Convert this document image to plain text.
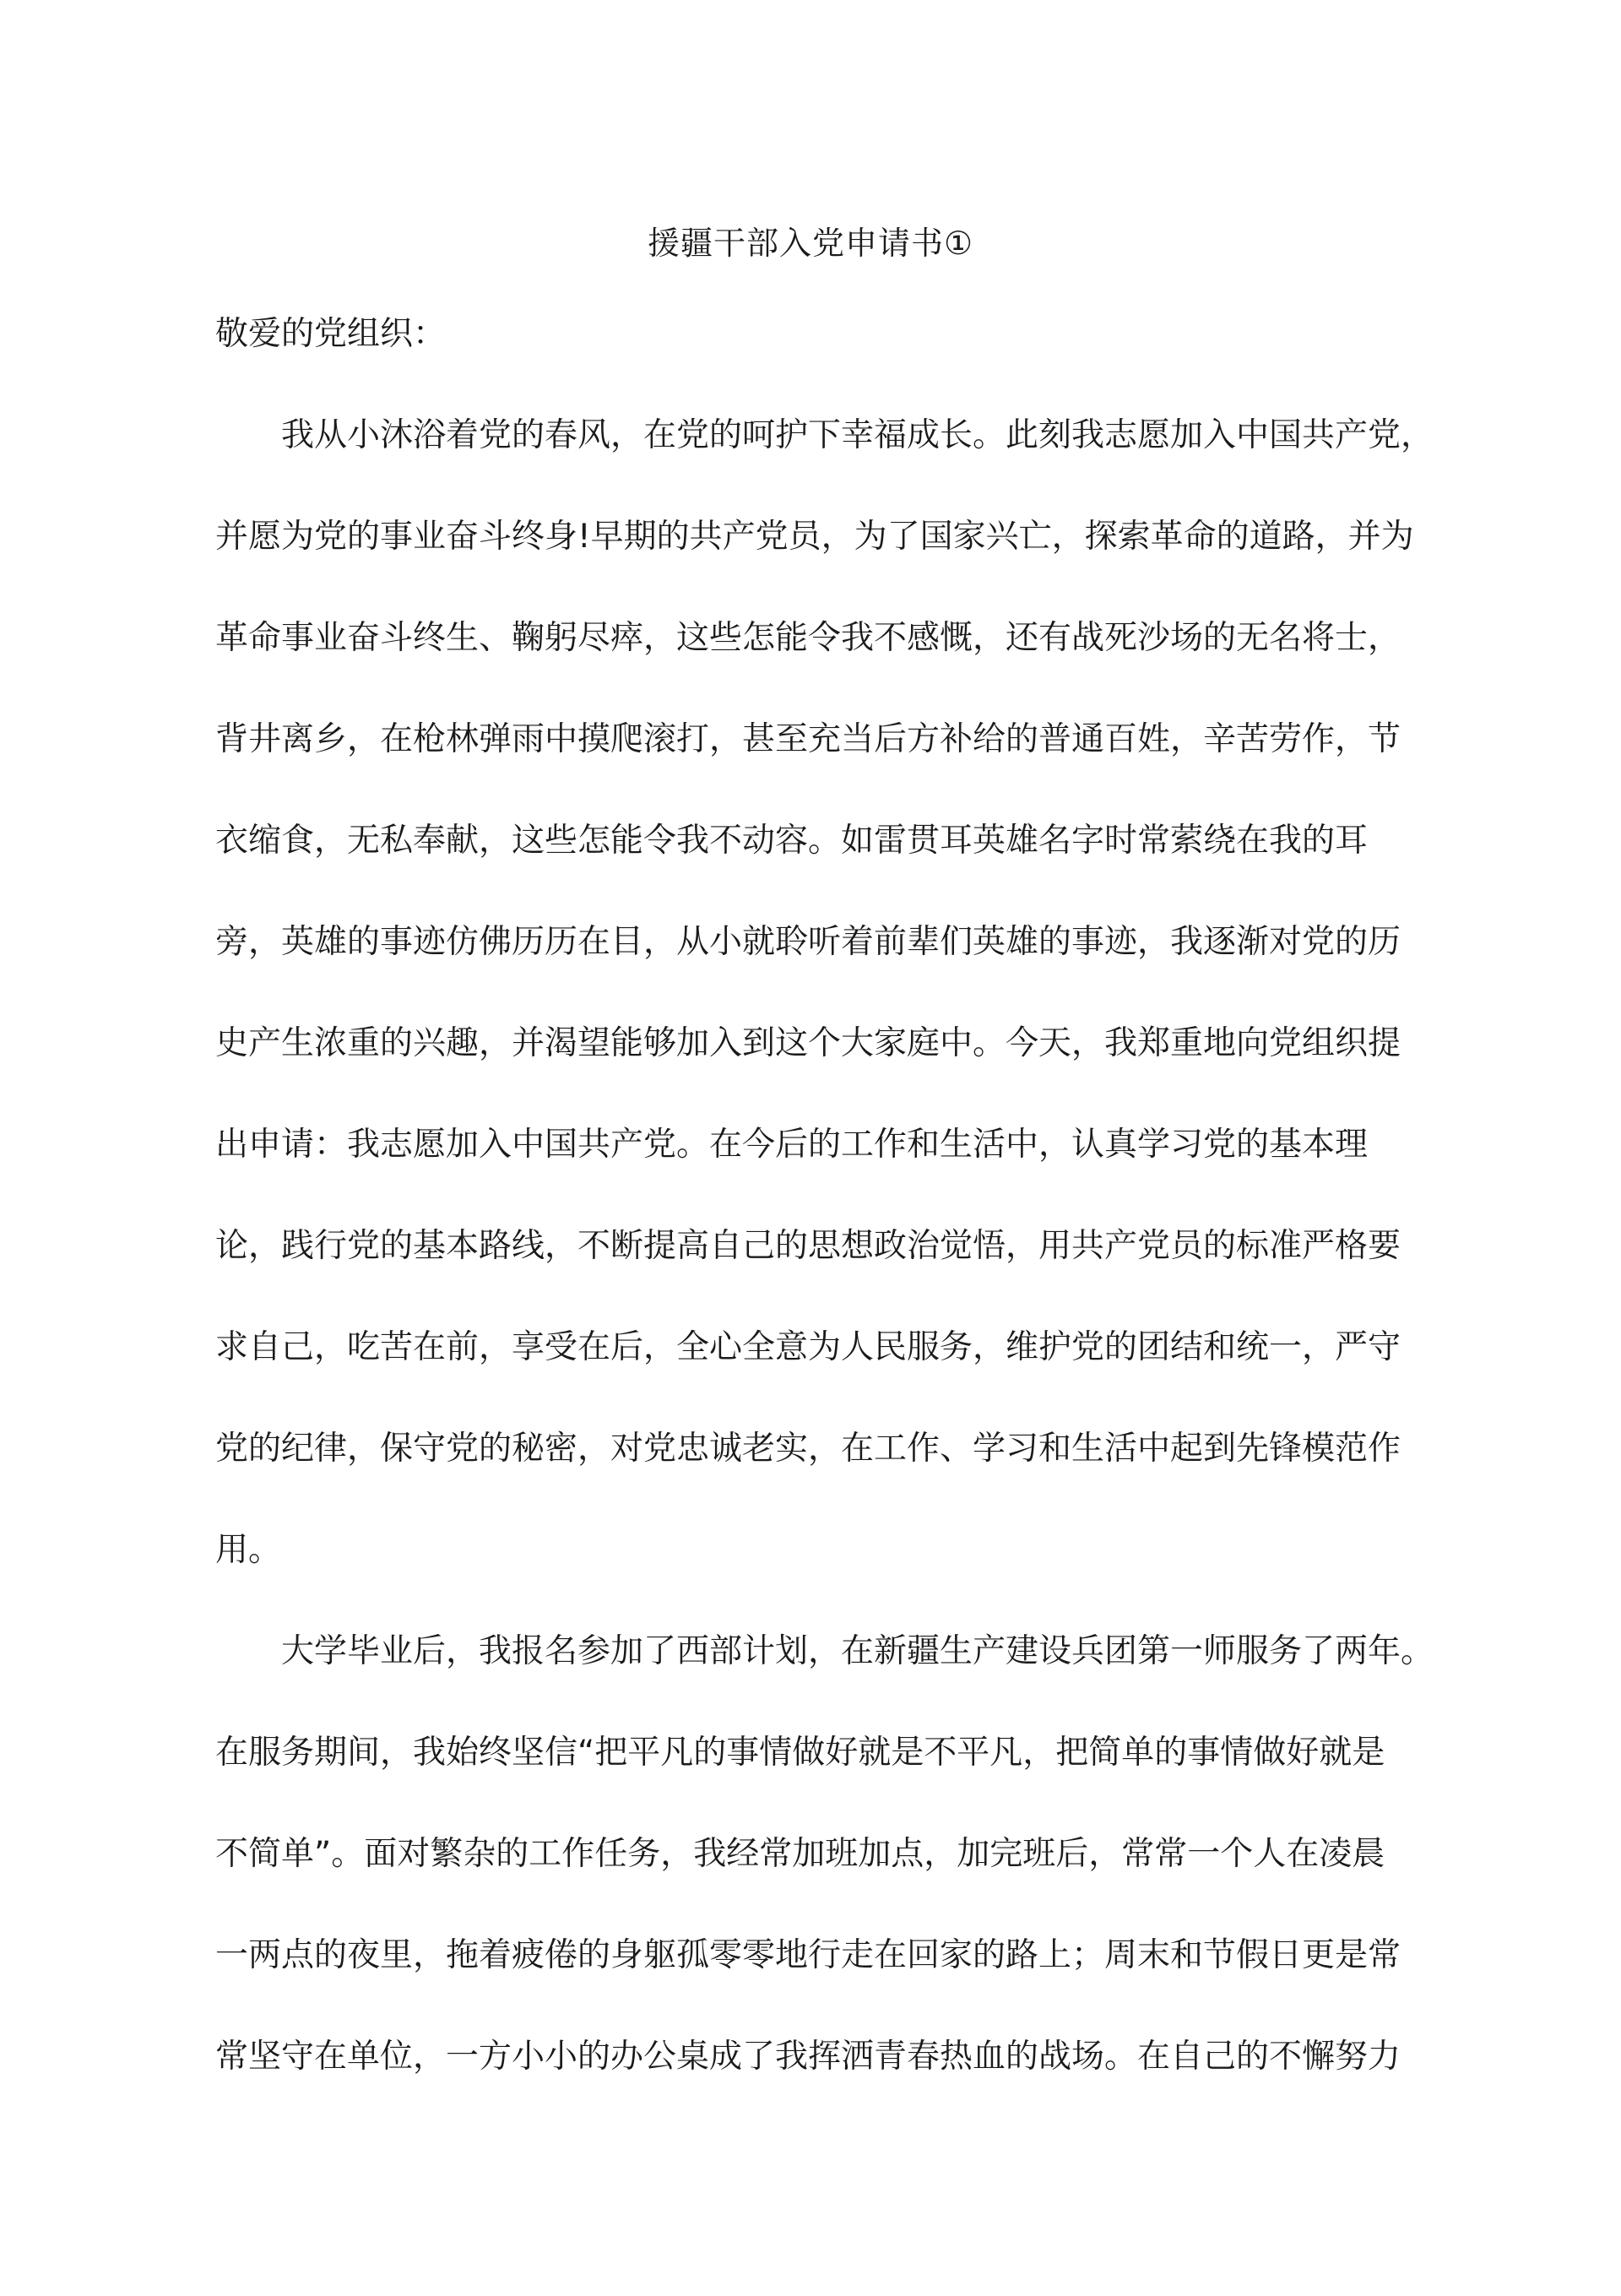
援疆干部入党申请书①
敬爱的党组织：
我从小沐浴着党的春风，在党的呵护下幸福成长。此刻我志愿加入中国共产党，
并愿为党的事业奋斗终身!早期的共产党员，为了国家兴亡，探索革命的道路，并为
革命事业奋斗终生、鞠躬尽瘁，这些怎能令我不感慨，还有战死沙场的无名将士，
背井离乡，在枪林弹雨中摸爬滚打，甚至充当后方补给的普通百姓，辛苦劳作，节
衣缩食，无私奉献，这些怎能令我不动容。如雷贯耳英雄名字时常萦绕在我的耳
旁，英雄的事迹仿佛历历在目，从小就聆听着前辈们英雄的事迹，我逐渐对党的历
史产生浓重的兴趣，并渴望能够加入到这个大家庭中。今天，我郑重地向党组织提
出申请：我志愿加入中国共产党。在今后的工作和生活中，认真学习党的基本理
论，践行党的基本路线，不断提高自己的思想政治觉悟，用共产党员的标准严格要
求自己，吃苦在前，享受在后，全心全意为人民服务，维护党的团结和统一，严守
党的纪律，保守党的秘密，对党忠诚老实，在工作、学习和生活中起到先锋模范作
用。
大学毕业后，我报名参加了西部计划，在新疆生产建设兵团第一师服务了两年。
在服务期间，我始终坚信“把平凡的事情做好就是不平凡，把简单的事情做好就是
不简单”。面对繁杂的工作任务，我经常加班加点，加完班后，常常一个人在凌晨
一两点的夜里，拖着疲倦的身躯孤零零地行走在回家的路上；周末和节假日更是常
常坚守在单位，一方小小的办公桌成了我挥洒青春热血的战场。在自己的不懈努力
